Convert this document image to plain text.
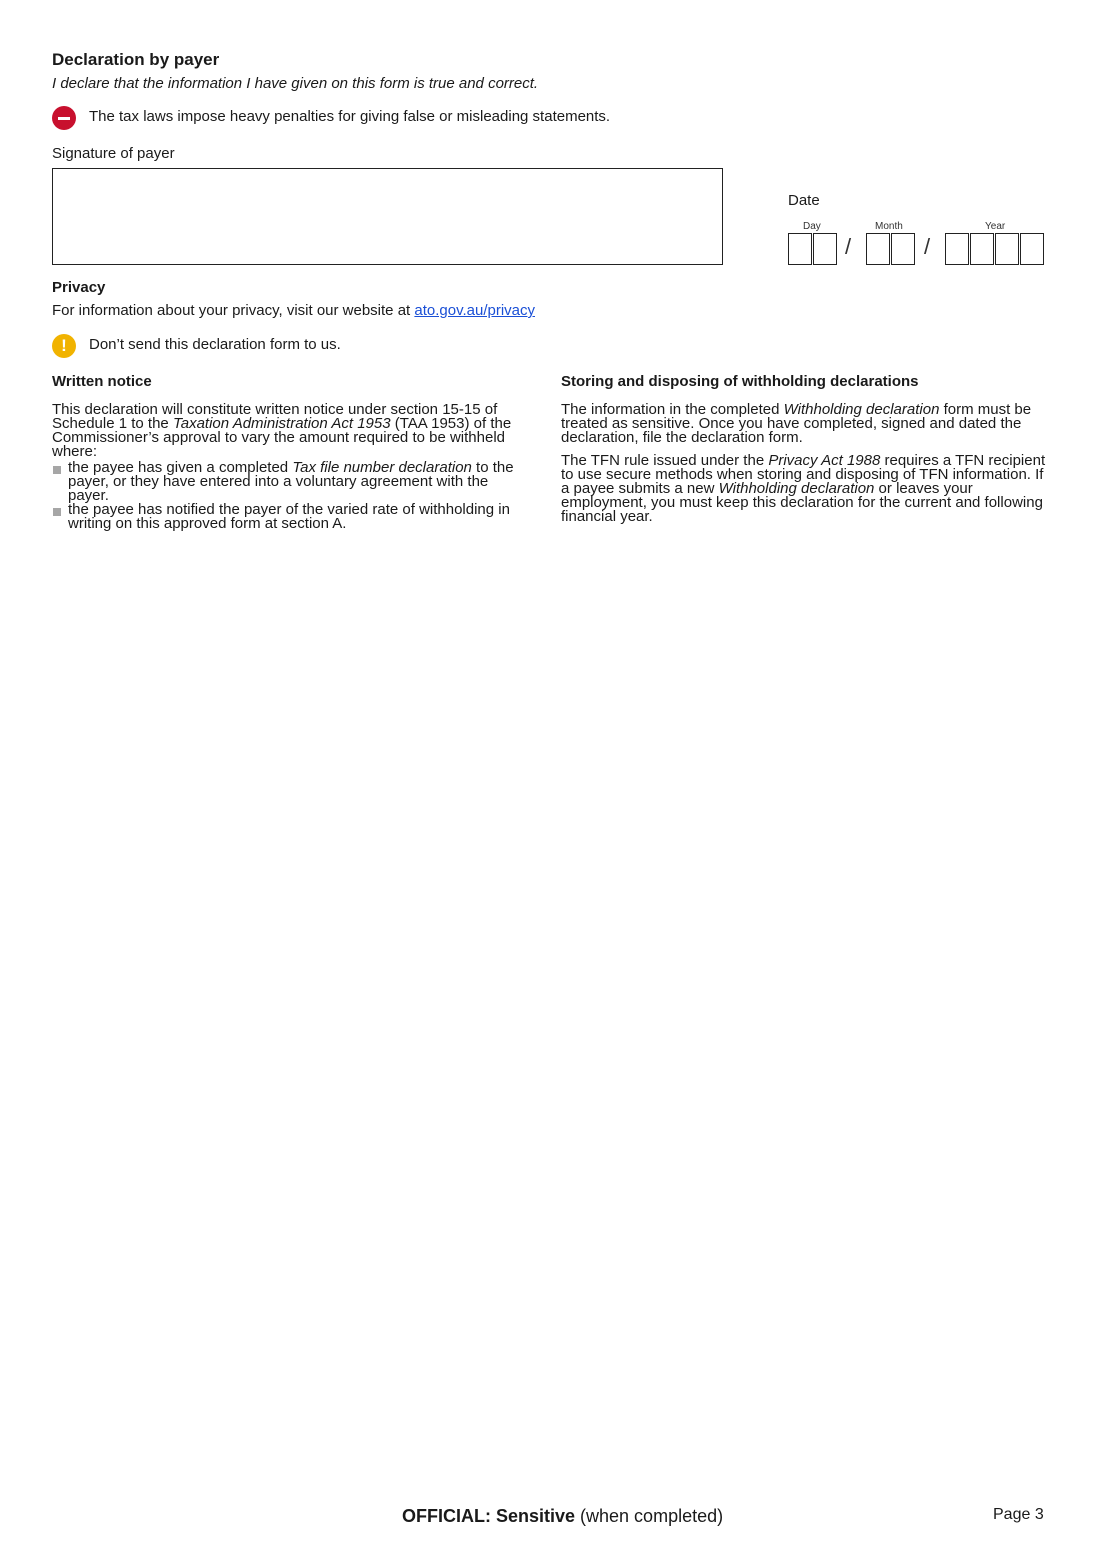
Declaration by payer
I declare that the information I have given on this form is true and correct.
The tax laws impose heavy penalties for giving false or misleading statements.
Signature of payer
Date
Day	Month	Year
/	/
Privacy
For information about your privacy, visit our website at ato.gov.au/privacy
!	Don’t send this declaration form to us.
Written notice

This declaration will constitute written notice under section 15-15 of Schedule 1 to the Taxation Administration Act 1953 (TAA 1953) of the Commissioner’s approval to vary the amount required to be withheld where:

the payee has given a completed Tax file number declaration to the payer, or they have entered into a voluntary agreement with the payer.
the payee has notified the payer of the varied rate of withholding in writing on this approved form at section A.
Storing and disposing of withholding declarations

The information in the completed Withholding declaration form must be treated as sensitive. Once you have completed, signed and dated the declaration, file the declaration form.

The TFN rule issued under the Privacy Act 1988 requires a TFN recipient to use secure methods when storing and disposing of TFN information. If a payee submits a new Withholding declaration or leaves your employment, you must keep this declaration for the current and following financial year.

OFFICIAL: Sensitive (when completed)	Page 3
